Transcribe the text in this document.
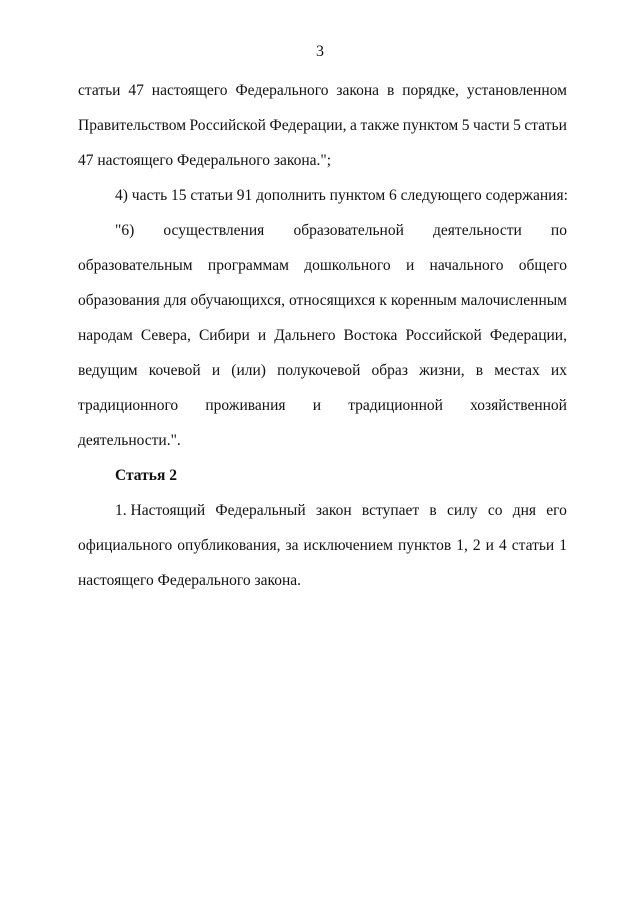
3
статьи 47 настоящего Федерального закона в порядке, установленном
Правительством Российской Федерации, а также пунктом 5 части 5 статьи
47 настоящего Федерального закона.";
4) часть 15 статьи 91 дополнить пунктом 6 следующего содержания:
"6) осуществления образовательной деятельности по
образовательным программам дошкольного и начального общего
образования для обучающихся, относящихся к коренным малочисленным
народам Севера, Сибири и Дальнего Востока Российской Федерации,
ведущим кочевой и (или) полукочевой образ жизни, в местах их
традиционного проживания и традиционной хозяйственной
деятельности.".
Статья 2
1. Настоящий Федеральный закон вступает в силу со дня его
официального опубликования, за исключением пунктов 1, 2 и 4 статьи 1
настоящего Федерального закона.
